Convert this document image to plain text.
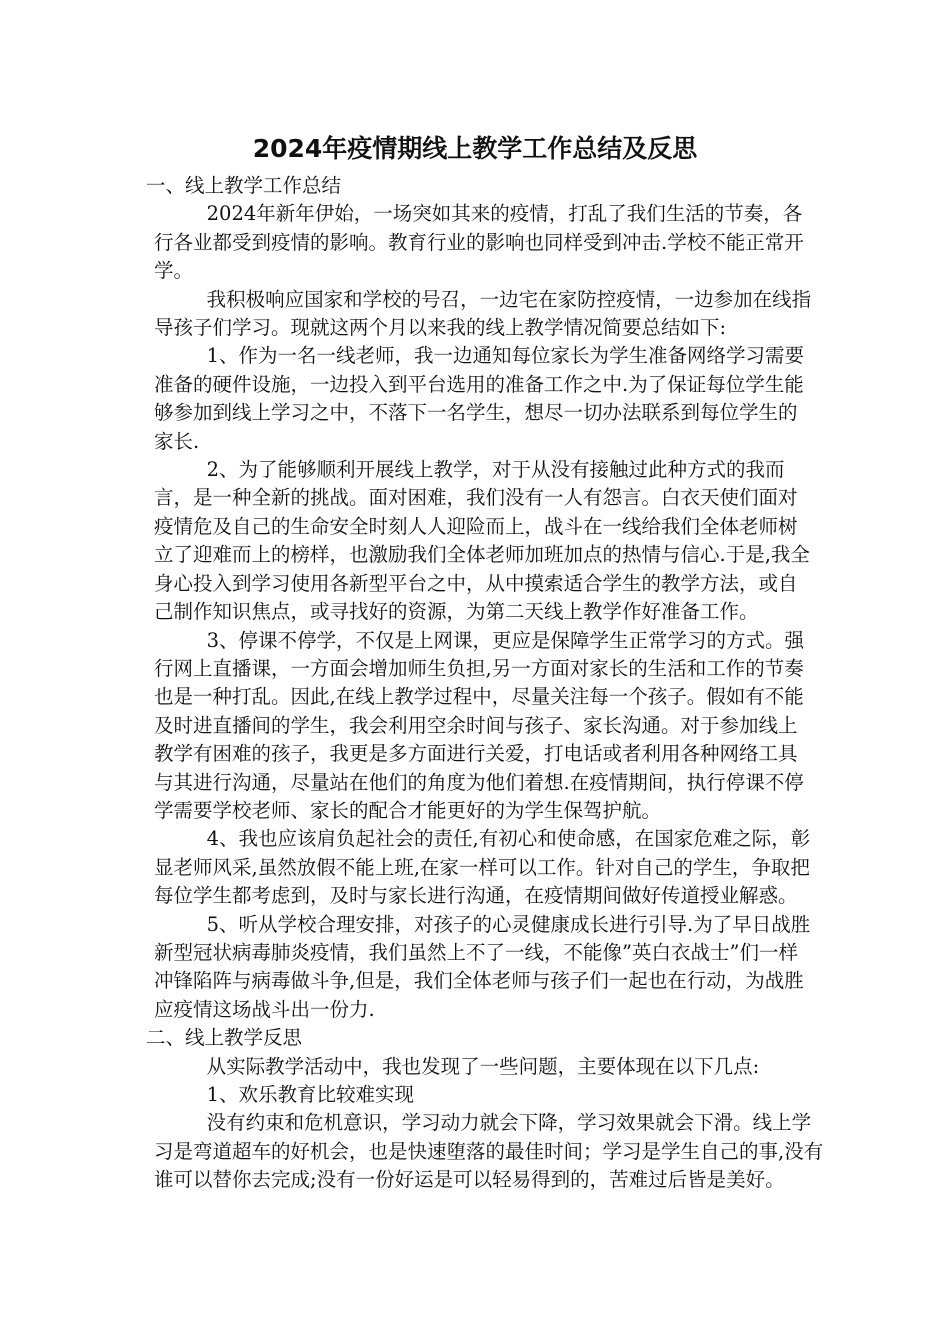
2024年疫情期线上教学工作总结及反思

一、线上教学工作总结

2024年新年伊始，一场突如其来的疫情，打乱了我们生活的节奏，各行各业都受到疫情的影响。教育行业的影响也同样受到冲击.学校不能正常开学。

我积极响应国家和学校的号召，一边宅在家防控疫情，一边参加在线指导孩子们学习。现就这两个月以来我的线上教学情况简要总结如下:

1、作为一名一线老师，我一边通知每位家长为学生准备网络学习需要准备的硬件设施，一边投入到平台选用的准备工作之中.为了保证每位学生能够参加到线上学习之中，不落下一名学生，想尽一切办法联系到每位学生的家长.

2、为了能够顺利开展线上教学，对于从没有接触过此种方式的我而言，是一种全新的挑战。面对困难，我们没有一人有怨言。白衣天使们面对疫情危及自己的生命安全时刻人人迎险而上，战斗在一线给我们全体老师树立了迎难而上的榜样，也激励我们全体老师加班加点的热情与信心.于是,我全身心投入到学习使用各新型平台之中，从中摸索适合学生的教学方法，或自己制作知识焦点，或寻找好的资源，为第二天线上教学作好准备工作。

3、停课不停学，不仅是上网课，更应是保障学生正常学习的方式。强行网上直播课，一方面会增加师生负担,另一方面对家长的生活和工作的节奏也是一种打乱。因此,在线上教学过程中，尽量关注每一个孩子。假如有不能及时进直播间的学生，我会利用空余时间与孩子、家长沟通。对于参加线上教学有困难的孩子，我更是多方面进行关爱，打电话或者利用各种网络工具与其进行沟通，尽量站在他们的角度为他们着想.在疫情期间，执行停课不停学需要学校老师、家长的配合才能更好的为学生保驾护航。

4、我也应该肩负起社会的责任,有初心和使命感，在国家危难之际，彰显老师风采,虽然放假不能上班,在家一样可以工作。针对自己的学生，争取把每位学生都考虑到，及时与家长进行沟通，在疫情期间做好传道授业解惑。

5、听从学校合理安排，对孩子的心灵健康成长进行引导.为了早日战胜新型冠状病毒肺炎疫情，我们虽然上不了一线，不能像”英白衣战士”们一样冲锋陷阵与病毒做斗争,但是，我们全体老师与孩子们一起也在行动，为战胜应疫情这场战斗出一份力.

二、线上教学反思

从实际教学活动中，我也发现了一些问题，主要体现在以下几点:

1、欢乐教育比较难实现

没有约束和危机意识，学习动力就会下降，学习效果就会下滑。线上学习是弯道超车的好机会，也是快速堕落的最佳时间；学习是学生自己的事,没有谁可以替你去完成;没有一份好运是可以轻易得到的，苦难过后皆是美好。
